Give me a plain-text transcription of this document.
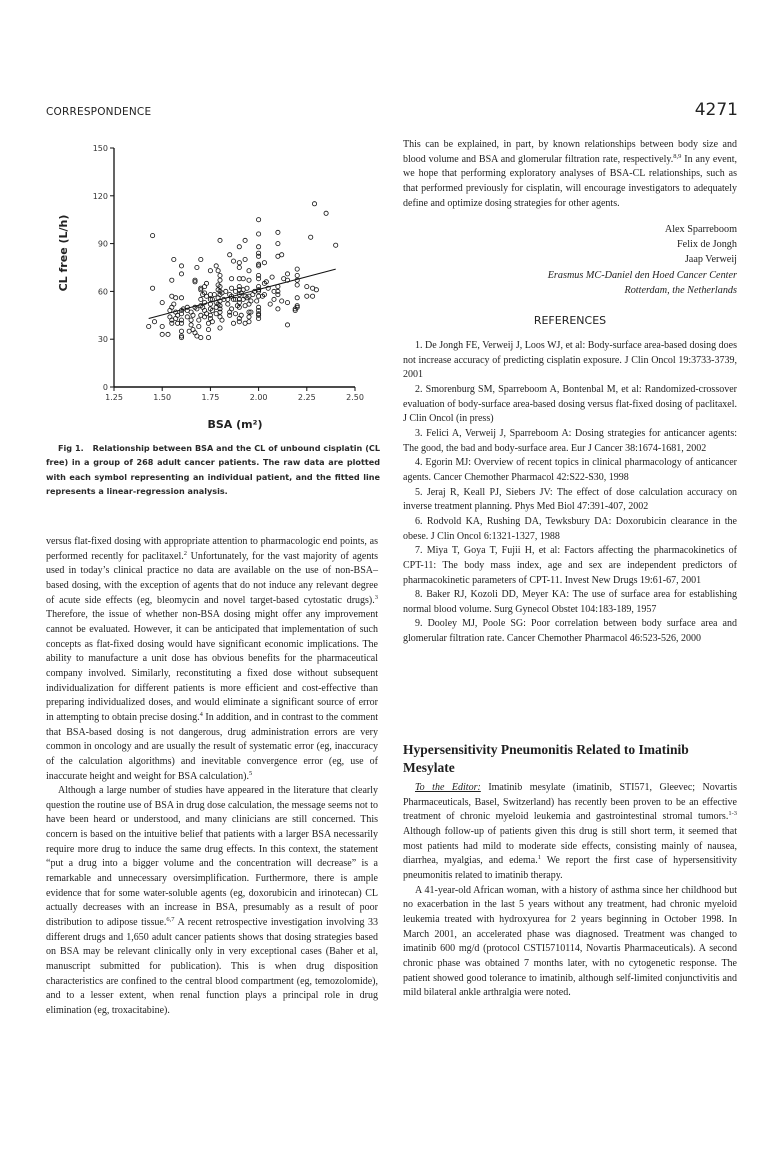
CORRESPONDENCE	4271
0
30
60
90
120
150
1.25	1.50	1.75	2.00	2.25	2.50
CL free (L/h)
BSA (m²)
Fig 1. Relationship between BSA and the CL of unbound cisplatin (CL free) in a group of 268 adult cancer patients. The raw data are plotted with each symbol representing an individual patient, and the fitted line represents a linear-regression analysis.

versus flat-fixed dosing with appropriate attention to pharmacologic end points, as performed recently for paclitaxel.$^2$ Unfortunately, for the vast majority of agents used in today’s clinical practice no data are available on the use of non-BSA–based dosing, with the exception of agents that do not induce any relevant degree of acute side effects (eg, bleomycin and novel target-based cytostatic drugs).$^3$ Therefore, the issue of whether non-BSA dosing might offer any improvement cannot be evaluated. However, it can be anticipated that implementation of such concepts as flat-fixed dosing would have significant economic implications. The ability to manufacture a unit dose has obvious benefits for the pharmaceutical company involved. Similarly, reconstituting a fixed dose without subsequent individualization for different patients is more efficient and cost-effective than preparing individualized doses, and would eliminate a significant source of error in attempting to obtain precise dosing.$^4$ In addition, and in contrast to the comment that BSA-based dosing is not dangerous, drug administration errors are very common in oncology and are usually the result of systematic error (eg, inaccuracy of the calculation algorithms) and inevitable convergence error (eg, use of inaccurate height and weight for BSA calculation).$^5$

Although a large number of studies have appeared in the literature that clearly question the routine use of BSA in drug dose calculation, the message seems not to have been heard or understood, and many clinicians are still concerned. This concern is based on the intuitive belief that patients with a larger BSA necessarily require more drug to induce the same drug effects. In this context, the statement “put a drug into a bigger volume and the concentration will decrease” is a remarkable and unnecessary oversimplification. Furthermore, there is ample evidence that for some water-soluble agents (eg, doxorubicin and irinotecan) CL actually decreases with an increase in BSA, presumably as a result of poor distribution to adipose tissue.$^{6,7}$ A recent retrospective investigation involving 33 different drugs and 1,650 adult cancer patients shows that dosing strategies based on BSA may be relevant clinically only in very exceptional cases (Baher et al, manuscript submitted for publication). This is when drug disposition characteristics are confined to the central blood compartment (eg, temozolomide), and to a lesser extent, when renal function plays a principal role in drug elimination (eg, troxacitabine).

This can be explained, in part, by known relationships between body size and blood volume and BSA and glomerular filtration rate, respectively.$^{8,9}$ In any event, we hope that performing exploratory analyses of BSA-CL relationships, such as that performed previously for cisplatin, will encourage investigators to adequately define and optimize dosing strategies for other agents.

Alex Sparreboom
Felix de Jongh
Jaap Verweij
Erasmus MC-Daniel den Hoed Cancer Center
Rotterdam, the Netherlands
REFERENCES

1. De Jongh FE, Verweij J, Loos WJ, et al: Body-surface area-based dosing does not increase accuracy of predicting cisplatin exposure. J Clin Oncol 19:3733-3739, 2001

2. Smorenburg SM, Sparreboom A, Bontenbal M, et al: Randomized-crossover evaluation of body-surface area-based dosing versus flat-fixed dosing of paclitaxel. J Clin Oncol (in press)

3. Felici A, Verweij J, Sparreboom A: Dosing strategies for anticancer agents: The good, the bad and body-surface area. Eur J Cancer 38:1674-1681, 2002

4. Egorin MJ: Overview of recent topics in clinical pharmacology of anticancer agents. Cancer Chemother Pharmacol 42:S22-S30, 1998

5. Jeraj R, Keall PJ, Siebers JV: The effect of dose calculation accuracy on inverse treatment planning. Phys Med Biol 47:391-407, 2002

6. Rodvold KA, Rushing DA, Tewksbury DA: Doxorubicin clearance in the obese. J Clin Oncol 6:1321-1327, 1988

7. Miya T, Goya T, Fujii H, et al: Factors affecting the pharmacokinetics of CPT-11: The body mass index, age and sex are independent predictors of pharmacokinetic parameters of CPT-11. Invest New Drugs 19:61-67, 2001

8. Baker RJ, Kozoli DD, Meyer KA: The use of surface area for establishing normal blood volume. Surg Gynecol Obstet 104:183-189, 1957

9. Dooley MJ, Poole SG: Poor correlation between body surface area and glomerular filtration rate. Cancer Chemother Pharmacol 46:523-526, 2000

Hypersensitivity Pneumonitis Related to Imatinib Mesylate

To the Editor: Imatinib mesylate (imatinib, STI571, Gleevec; Novartis Pharmaceuticals, Basel, Switzerland) has recently been proven to be an effective treatment of chronic myeloid leukemia and gastrointestinal stromal tumors.$^{1-3}$ Although follow-up of patients given this drug is still short term, it seemed that most patients had mild to moderate side effects, consisting mainly of nausea, diarrhea, myalgias, and edema.$^1$ We report the first case of hypersensitivity pneumonitis related to imatinib therapy.

A 41-year-old African woman, with a history of asthma since her childhood but no exacerbation in the last 5 years without any treatment, had chronic myeloid leukemia treated with hydroxyurea for 2 years beginning in October 1998. In March 2001, an accelerated phase was diagnosed. Treatment was changed to imatinib 600 mg/d (protocol CSTI5710114, Novartis Pharmaceuticals). A second chronic phase was obtained 7 months later, with no cytogenetic response. The patient showed good tolerance to imatinib, although self-limited conjunctivitis and mild bilateral ankle arthralgia were noted.
